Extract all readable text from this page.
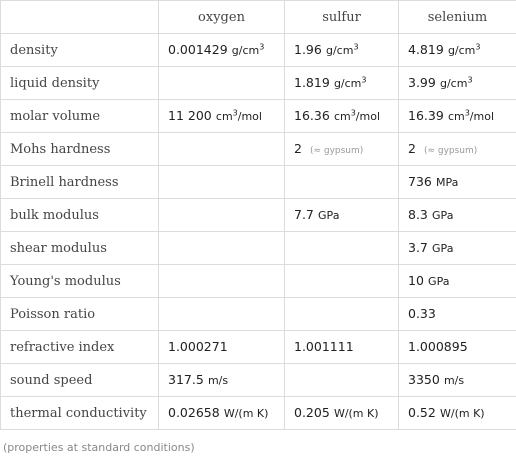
	oxygen	sulfur	selenium
density	0.001429 $g/cm^3$	1.96 $g/cm^3$	4.819 $g/cm^3$
liquid density		1.819 $g/cm^3$	3.99 $g/cm^3$
molar volume	11 200 $cm^3$/mol	16.36 $cm^3$/mol	16.39 $cm^3$/mol
Mohs hardness		2 (≈ gypsum)	2 (≈ gypsum)
Brinell hardness			736 MPa
bulk modulus		7.7 GPa	8.3 GPa
shear modulus			3.7 GPa
Young's modulus			10 GPa
Poisson ratio			0.33
refractive index	1.000271	1.001111	1.000895
sound speed	317.5 m/s		3350 m/s
thermal conductivity	0.02658 W/(m K)	0.205 W/(m K)	0.52 W/(m K)
(properties at standard conditions)
